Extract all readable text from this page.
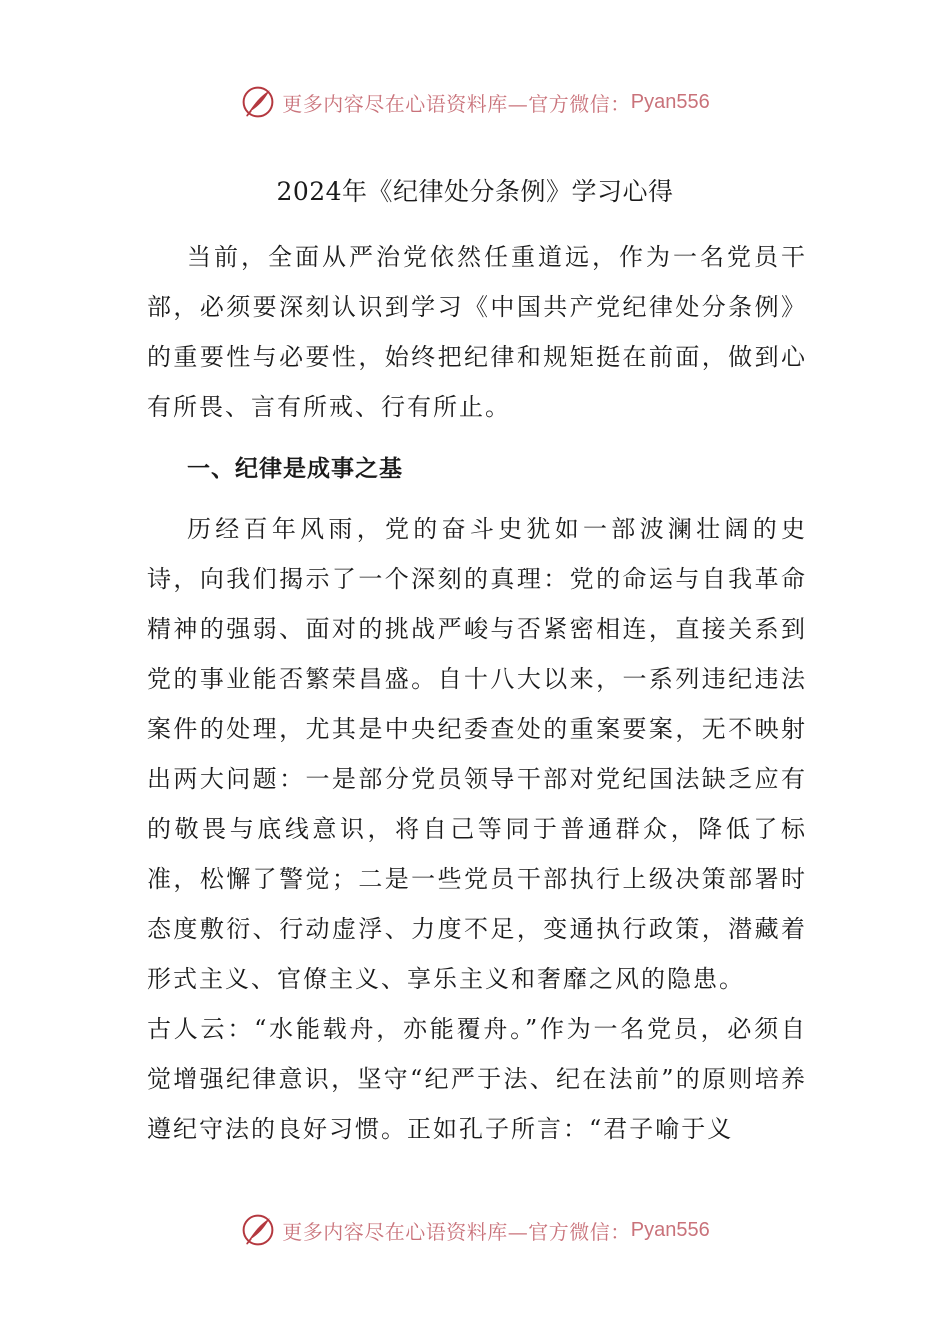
更多内容尽在心语资料库—官方微信： Pyan556
2024年《纪律处分条例》学习心得

当前，全面从严治党依然任重道远，作为一名党员干部，必须要深刻认识到学习《中国共产党纪律处分条例》的重要性与必要性，始终把纪律和规矩挺在前面，做到心有所畏、言有所戒、行有所止。

一、纪律是成事之基

历经百年风雨，党的奋斗史犹如一部波澜壮阔的史诗，向我们揭示了一个深刻的真理：党的命运与自我革命精神的强弱、面对的挑战严峻与否紧密相连，直接关系到党的事业能否繁荣昌盛。自十八大以来，一系列违纪违法案件的处理，尤其是中央纪委查处的重案要案，无不映射出两大问题：一是部分党员领导干部对党纪国法缺乏应有的敬畏与底线意识，将自己等同于普通群众，降低了标准，松懈了警觉；二是一些党员干部执行上级决策部署时态度敷衍、行动虚浮、力度不足，变通执行政策，潜藏着形式主义、官僚主义、享乐主义和奢靡之风的隐患。

古人云：“水能载舟，亦能覆舟。”作为一名党员，必须自觉增强纪律意识，坚守“纪严于法、纪在法前”的原则培养遵纪守法的良好习惯。正如孔子所言：“君子喻于义

更多内容尽在心语资料库—官方微信： Pyan556
